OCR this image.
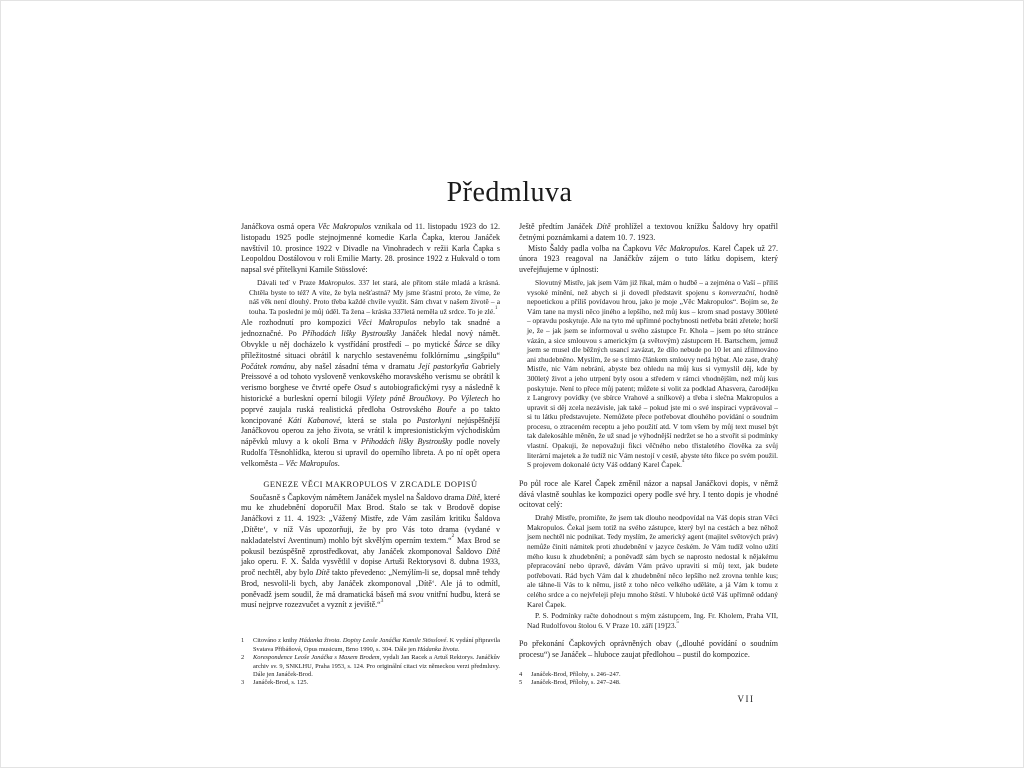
Předmluva

Janáčkova osmá opera Věc Makropulos vznikala od 11. listopadu 1923 do 12. listopadu 1925 podle stejnojmenné komedie Karla Čapka, kterou Janáček navštívil 10. prosince 1922 v Divadle na Vinohradech v režii Karla Čapka s Leopoldou Dostálovou v roli Emilie Marty. 28. prosince 1922 z Hukvald o tom napsal své přítelkyni Kamile Stösslové:

Dávali teď v Praze Makropulos. 337 let stará, ale přitom stále mladá a krásná. Chtěla byste to též? A víte, že byla nešťastná? My jsme šťastní proto, že víme, že náš věk není dlouhý. Proto třeba každé chvíle využít. Sám chvat v našem životě – a touha. Ta poslední je můj úděl. Ta žena – kráska 337letá neměla už srdce. To je zlé.$^1$

Ale rozhodnutí pro kompozici Věci Makropulos nebylo tak snadné a jednoznačné. Po Příhodách lišky Bystroušky Janáček hledal nový námět. Obvykle u něj docházelo k vystřídání prostředí – po mytické Šárce se díky příležitostné situaci obrátil k narychlo sestavenému folklórnímu „singšpilu“ Počátek románu, aby našel zásadní téma v dramatu Její pastorkyňa Gabriely Preissové a od tohoto vysloveně venkovského moravského verismu se obrátil k verismo borghese ve čtvrté opeře Osud s autobiografickými rysy a následně k historické a burleskní operní bilogii Výlety páně Broučkovy. Po Výletech ho poprvé zaujala ruská realistická předloha Ostrovského Bouře a po takto koncipované Káti Kabanové, která se stala po Pastorkyni nejúspěšnější Janáčkovou operou za jeho života, se vrátil k impresionistickým východiskům nápěvků mluvy a k okolí Brna v Příhodách lišky Bystroušky podle novely Rudolfa Těsnohlídka, kterou si upravil do operního libreta. A po ní opět opera velkoměsta – Věc Makropulos.

GENEZE VĚCI MAKROPULOS V ZRCADLE DOPISŮ

Současně s Čapkovým námětem Janáček myslel na Šaldovo drama Dítě, které mu ke zhudebnění doporučil Max Brod. Stalo se tak v Brodově dopise Janáčkovi z 11. 4. 1923: „Vážený Mistře, zde Vám zasílám kritiku Šaldova ‚Dítěte‘, v níž Vás upozorňuji, že by pro Vás toto drama (vydané v nakladatelství Aventinum) mohlo být skvělým operním textem.“$^2$ Max Brod se pokusil bezúspěšně zprostředkovat, aby Janáček zkomponoval Šaldovo Dítě jako operu. F. X. Šalda vysvětlil v dopise Artuši Rektorysovi 8. dubna 1933, proč nechtěl, aby bylo Dítě takto převedeno: „Nemýlím-li se, dopsal mně tehdy Brod, nesvolil-li bych, aby Janáček zkomponoval ‚Dítě‘. Ale já to odmítl, poněvadž jsem soudil, že má dramatická báseň má svou vnitřní hudbu, která se musí nejprve rozezvučet a vyznít z jeviště.“$^3$

1	Citováno z knihy Hádanka života. Dopisy Leoše Janáčka Kamile Stösslové. K vydání připravila Svatava Přibáňová, Opus musicum, Brno 1990, s. 304. Dále jen Hádanka života.
2	Korespondence Leoše Janáčka s Maxem Brodem, vydali Jan Racek a Artuš Rektorys. Janáčkův archiv sv. 9, SNKLHU, Praha 1953, s. 124. Pro originální citaci viz německou verzi předmluvy. Dále jen Janáček-Brod.
3	Janáček-Brod, s. 125.

Ještě předtím Janáček Dítě prohlížel a textovou knížku Šaldovy hry opatřil četnými poznámkami a datem 10. 7. 1923.

Místo Šaldy padla volba na Čapkovu Věc Makropulos. Karel Čapek už 27. února 1923 reagoval na Janáčkův zájem o tuto látku dopisem, který uveřejňujeme v úplnosti:

Slovutný Mistře, jak jsem Vám již říkal, mám o hudbě – a zejména o Vaší – příliš vysoké mínění, než abych si ji dovedl představit spojenu s konverzační, hodně nepoetickou a příliš povídavou hrou, jako je moje „Věc Makropulos“. Bojím se, že Vám tane na mysli něco jiného a lepšího, než můj kus – krom snad postavy 300leté – opravdu poskytuje. Ale na tyto mé upřímné pochybnosti netřeba bráti zřetele; horší je, že – jak jsem se informoval u svého zástupce Fr. Khola – jsem po této stránce vázán, a sice smlouvou s americkým (a světovým) zástupcem H. Bartschem, jemuž jsem se musel dle běžných usancí zavázat, že dílo nebude po 10 let ani zfilmováno ani zhudebněno. Myslím, že se s tímto článkem smlouvy nedá hýbat. Ale zase, drahý Mistře, nic Vám nebrání, abyste bez ohledu na můj kus si vymyslil děj, kde by 300letý život a jeho utrpení byly osou a středem v rámci vhodnějším, než můj kus poskytuje. Není to přece můj patent; můžete si volit za podklad Ahasvera, čarodějku z Langrovy povídky (ve sbírce Vrahové a snílkové) a třeba i slečna Makropulos a upravit si děj zcela nezávisle, jak také – pokud jste mi o své inspiraci vyprávoval – si tu látku představujete. Nemůžete přece potřebovat dlouhého povídání o soudním procesu, o ztraceném receptu a jeho použití atd. V tom všem by můj text musel být tak dalekosáhle měněn, že už snad je výhodnější nedržet se ho a stvořit si podmínky vlastní. Opakuji, že nepovažuji fikci věčného nebo třistaletého člověka za svůj literární majetek a že tudíž nic Vám nestojí v cestě, abyste této fikce po svém použil. S projevem dokonalé úcty Váš oddaný Karel Čapek.$^4$

Po půl roce ale Karel Čapek změnil názor a napsal Janáčkovi dopis, v němž dává vlastně souhlas ke kompozici opery podle své hry. I tento dopis je vhodné ocitovat celý:

Drahý Mistře, promiňte, že jsem tak dlouho neodpovídal na Váš dopis stran Věci Makropulos. Čekal jsem totiž na svého zástupce, který byl na cestách a bez něhož jsem nechtěl nic podnikat. Tedy myslím, že americký agent (majitel světových práv) nemůže činiti námitek proti zhudebnění v jazyce českém. Je Vám tudíž volno užití mého kusu k zhudebnění; a poněvadž sám bych se naprosto nedostal k nějakému přepracování nebo úpravě, dávám Vám právo upraviti si můj text, jak budete potřebovati. Rád bych Vám dal k zhudebnění něco lepšího než zrovna tenhle kus; ale táhne-li Vás to k němu, jistě z toho něco velkého uděláte, a já Vám k tomu z celého srdce a co nejvřeleji přeju mnoho štěstí. V hluboké úctě Váš upřímně oddaný Karel Čapek.
P. S. Podmínky račte dohodnout s mým zástupcem, Ing. Fr. Kholem, Praha VII, Nad Rudolfovou štolou 6. V Praze 10. září [19]23.$^5$

Po překonání Čapkových oprávněných obav („dlouhé povídání o soudním procesu“) se Janáček – hluboce zaujat předlohou – pustil do kompozice.

4	Janáček-Brod, Přílohy, s. 246–247.
5	Janáček-Brod, Přílohy, s. 247–248.
VII
